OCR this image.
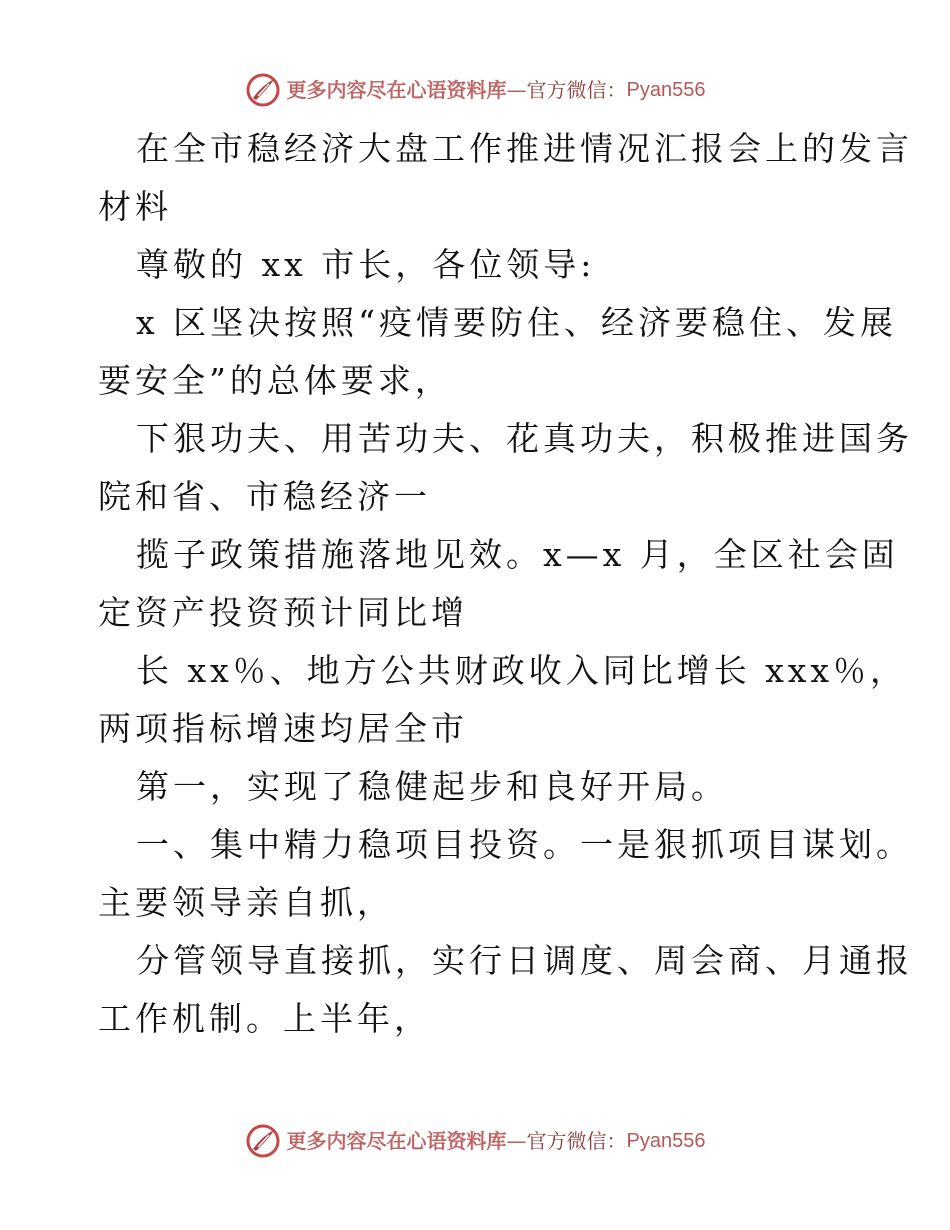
更多内容尽在心语资料库 — 官方微信： Pyan556

在全市稳经济大盘工作推进情况汇报会上的发言
材料

尊敬的 xx 市长，各位领导:

x 区坚决按照“疫情要防住、经济要稳住、发展
要安全”的总体要求，

下狠功夫、用苦功夫、花真功夫，积极推进国务
院和省、市稳经济一

揽子政策措施落地见效。x—x 月，全区社会固
定资产投资预计同比增

长 xx％、地方公共财政收入同比增长 xxx％，
两项指标增速均居全市

第一，实现了稳健起步和良好开局。

一、集中精力稳项目投资。一是狠抓项目谋划。
主要领导亲自抓，

分管领导直接抓，实行日调度、周会商、月通报
工作机制。上半年，

更多内容尽在心语资料库 — 官方微信： Pyan556
